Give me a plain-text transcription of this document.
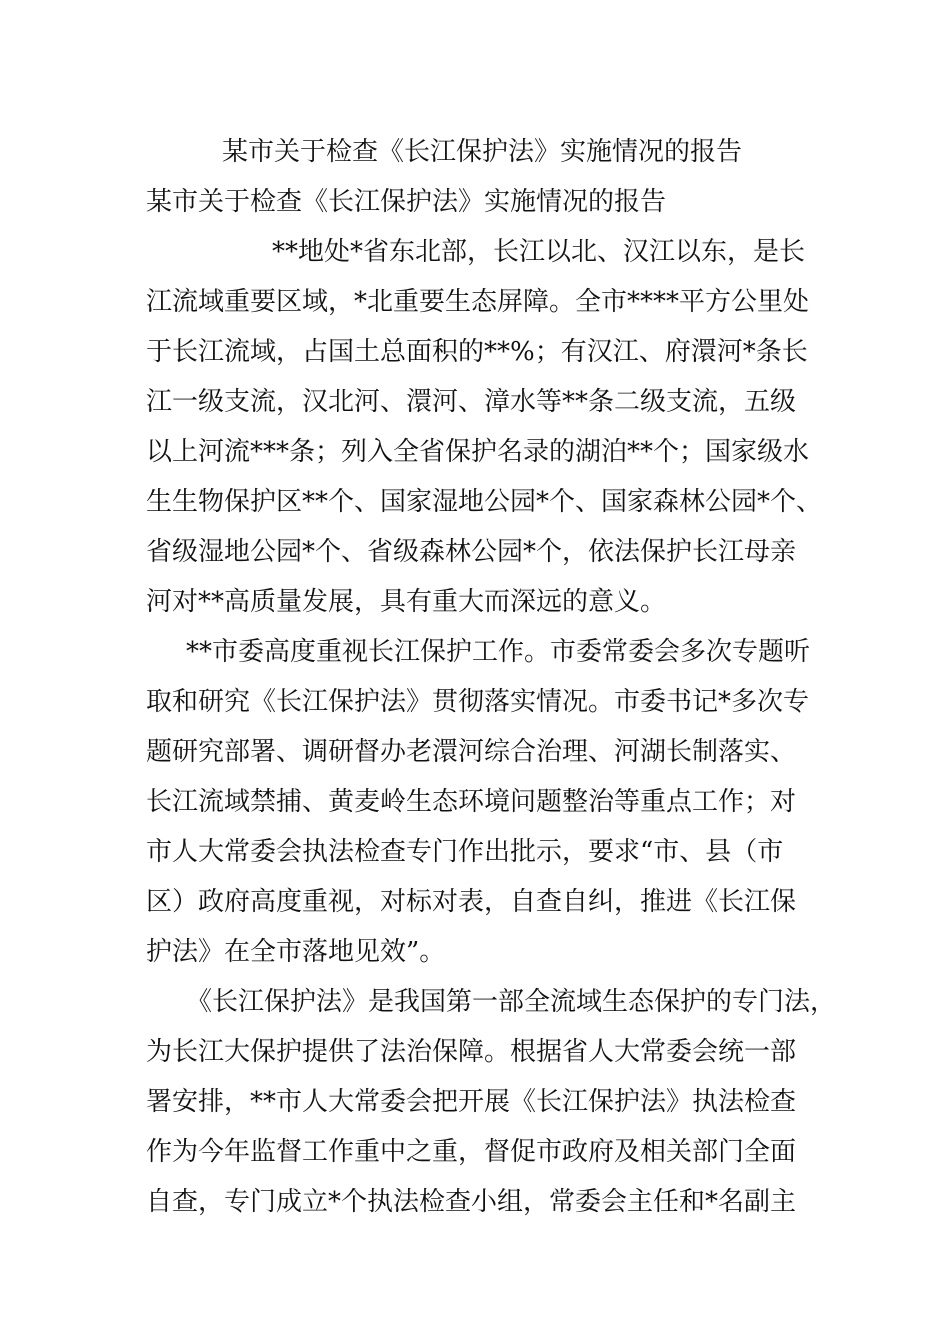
某市关于检查《长江保护法》实施情况的报告
某市关于检查《长江保护法》实施情况的报告
**地处*省东北部，长江以北、汉江以东，是长
江流域重要区域，*北重要生态屏障。全市****平方公里处
于长江流域，占国土总面积的**%；有汉江、府澴河*条长
江一级支流，汉北河、澴河、漳水等**条二级支流，五级
以上河流***条；列入全省保护名录的湖泊**个；国家级水
生生物保护区**个、国家湿地公园*个、国家森林公园*个、
省级湿地公园*个、省级森林公园*个，依法保护长江母亲
河对**高质量发展，具有重大而深远的意义。
**市委高度重视长江保护工作。市委常委会多次专题听
取和研究《长江保护法》贯彻落实情况。市委书记*多次专
题研究部署、调研督办老澴河综合治理、河湖长制落实、
长江流域禁捕、黄麦岭生态环境问题整治等重点工作；对
市人大常委会执法检查专门作出批示，要求“市、县（市
区）政府高度重视，对标对表，自查自纠，推进《长江保
护法》在全市落地见效”。
《长江保护法》是我国第一部全流域生态保护的专门法，
为长江大保护提供了法治保障。根据省人大常委会统一部
署安排，**市人大常委会把开展《长江保护法》执法检查
作为今年监督工作重中之重，督促市政府及相关部门全面
自查，专门成立*个执法检查小组，常委会主任和*名副主
